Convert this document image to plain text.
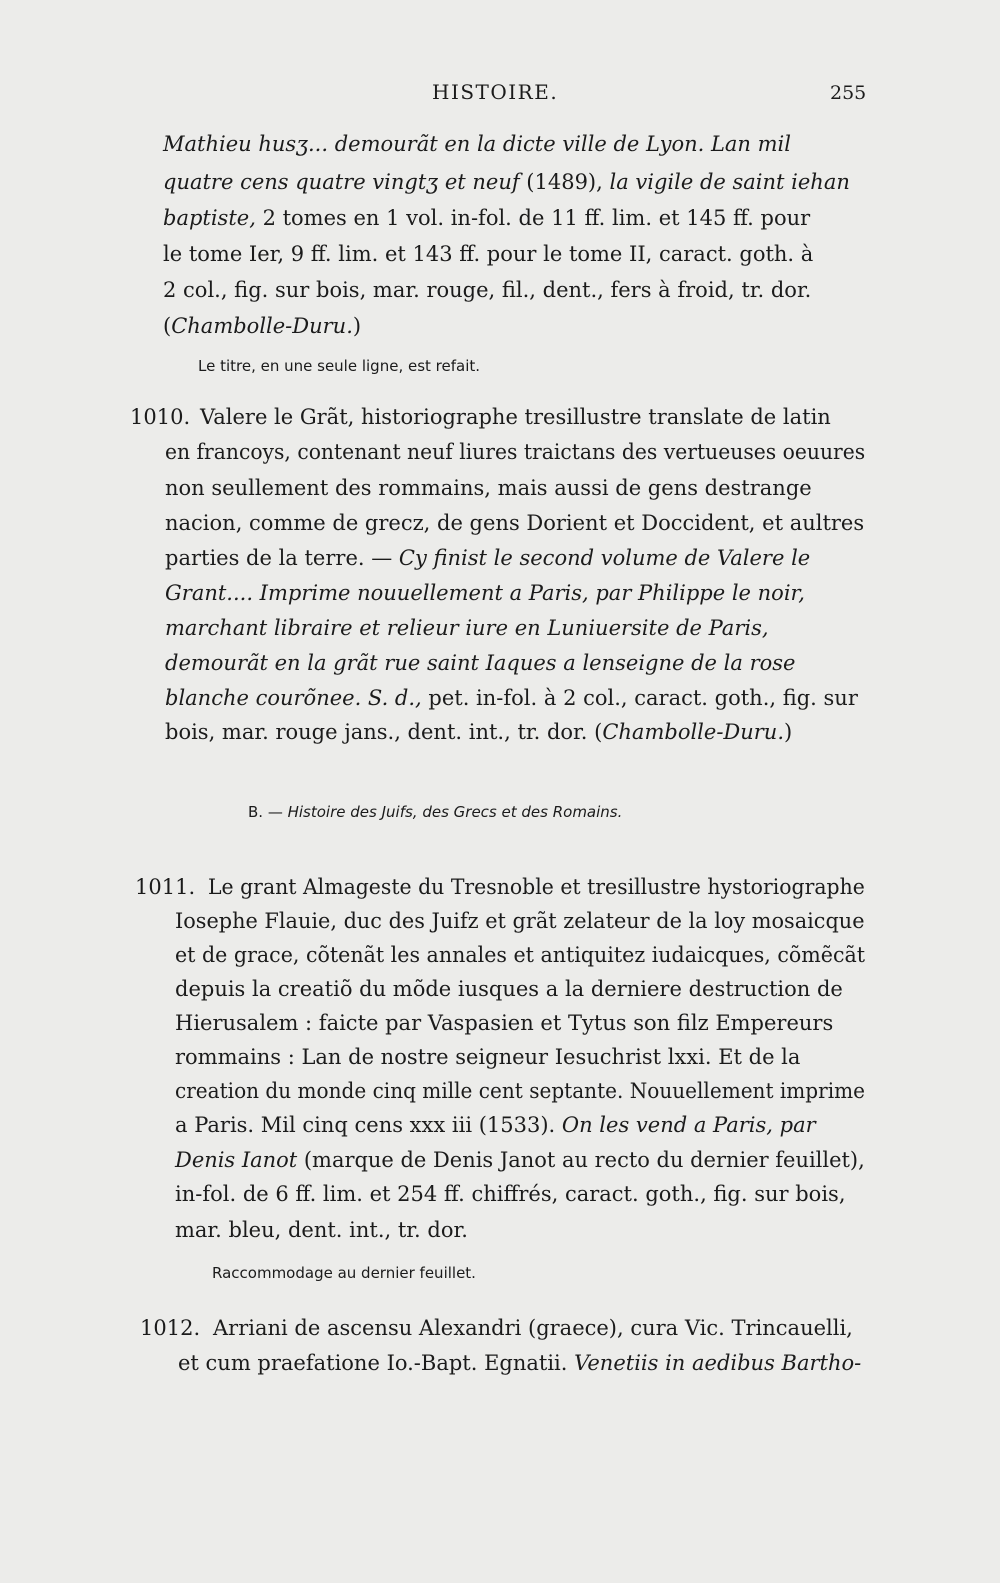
HISTOIRE.	255
Mathieu husʒ... demourãt en la dicte ville de Lyon. Lan mil
quatre cens quatre vingtʒ et neuf (1489), la vigile de saint iehan
baptiste, 2 tomes en 1 vol. in-fol. de 11 ff. lim. et 145 ff. pour
le tome Ier, 9 ff. lim. et 143 ff. pour le tome II, caract. goth. à
2 col., fig. sur bois, mar. rouge, fil., dent., fers à froid, tr. dor.
(Chambolle-Duru.)
Le titre, en une seule ligne, est refait.
1010. Valere le Grãt, historiographe tresillustre translate de latin
en francoys, contenant neuf liures traictans des vertueuses oeuures
non seullement des rommains, mais aussi de gens destrange
nacion, comme de grecz, de gens Dorient et Doccident, et aultres
parties de la terre. — Cy finist le second volume de Valere le
Grant.... Imprime nouuellement a Paris, par Philippe le noir,
marchant libraire et relieur iure en Luniuersite de Paris,
demourãt en la grãt rue saint Iaques a lenseigne de la rose
blanche courõnee. S. d., pet. in-fol. à 2 col., caract. goth., fig. sur
bois, mar. rouge jans., dent. int., tr. dor. (Chambolle-Duru.)
B. — Histoire des Juifs, des Grecs et des Romains.
1011. Le grant Almageste du Tresnoble et tresillustre hystoriographe
Iosephe Flauie, duc des Juifz et grãt zelateur de la loy mosaicque
et de grace, cõtenãt les annales et antiquitez iudaicques, cõmẽcãt
depuis la creatiõ du mõde iusques a la derniere destruction de
Hierusalem : faicte par Vaspasien et Tytus son filz Empereurs
rommains : Lan de nostre seigneur Iesuchrist lxxi. Et de la
creation du monde cinq mille cent septante. Nouuellement imprime
a Paris. Mil cinq cens xxx iii (1533). On les vend a Paris, par
Denis Ianot (marque de Denis Janot au recto du dernier feuillet),
in-fol. de 6 ff. lim. et 254 ff. chiffrés, caract. goth., fig. sur bois,
mar. bleu, dent. int., tr. dor.
Raccommodage au dernier feuillet.
1012. Arriani de ascensu Alexandri (graece), cura Vic. Trincauelli,
et cum praefatione Io.-Bapt. Egnatii. Venetiis in aedibus Bartho-
